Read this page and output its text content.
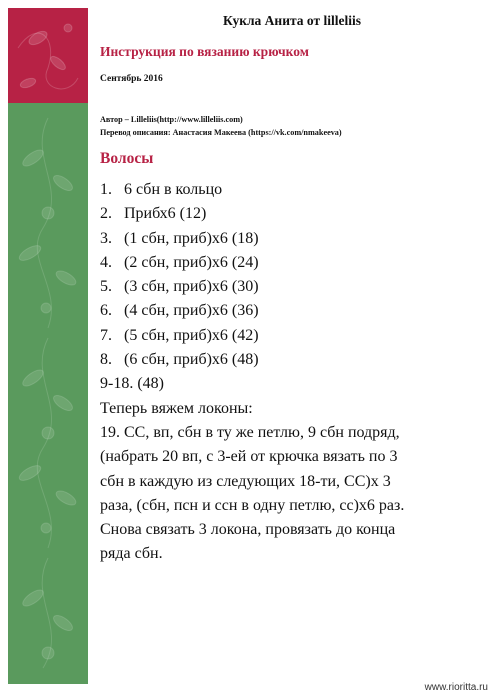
Кукла Анита от lilleliis
Инструкция по вязанию крючком
Сентябрь 2016
Автор – Lilleliis(http://www.lilleliis.com)
Перевод описания: Анастасия Макеева (https://vk.com/nmakeeva)
Волосы
1. 6 сбн в кольцо
2. Прибх6 (12)
3. (1 сбн, приб)х6 (18)
4. (2 сбн, приб)х6 (24)
5. (3 сбн, приб)х6 (30)
6. (4 сбн, приб)х6 (36)
7. (5 сбн, приб)х6 (42)
8. (6 сбн, приб)х6 (48)
9-18. (48)
Теперь вяжем локоны:
19. СС, вп, сбн в ту же петлю, 9 сбн подряд,
(набрать 20 вп, с 3-ей от крючка вязать по 3
сбн в каждую из следующих 18-ти, СС)х 3
раза, (сбн, псн и ссн в одну петлю, сс)х6 раз.
Снова связать 3 локона, провязать до конца
ряда сбн.
www.rioritta.ru
